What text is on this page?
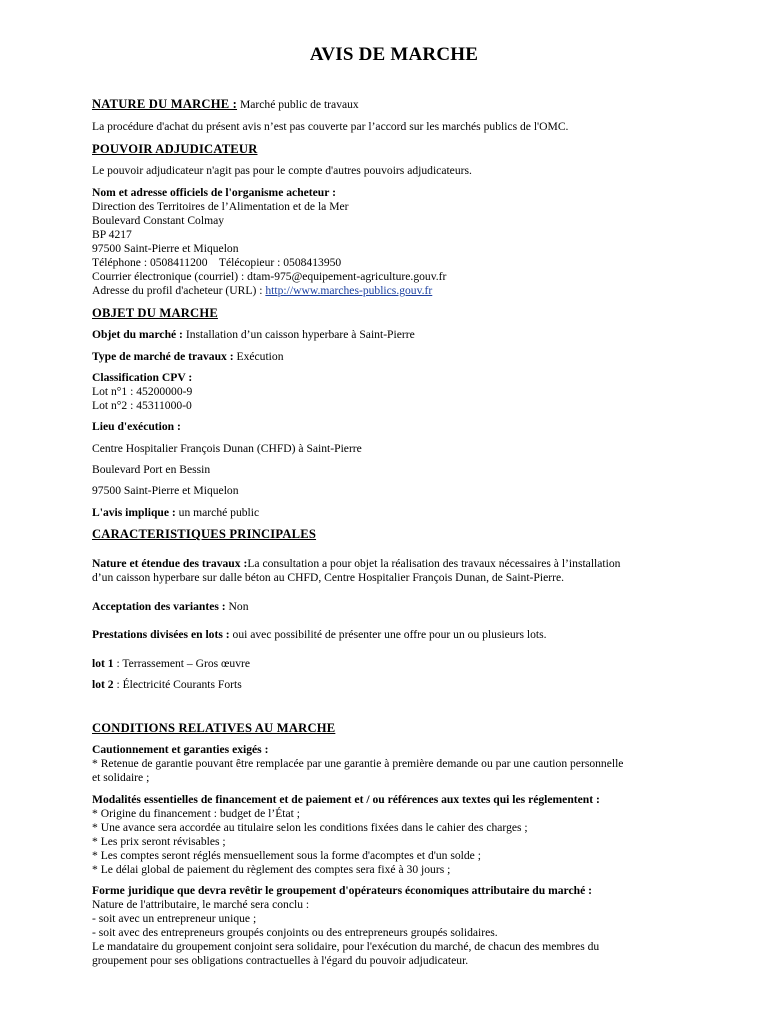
AVIS DE MARCHE
NATURE DU MARCHE : Marché public de travaux
La procédure d'achat du présent avis n’est pas couverte par l’accord sur les marchés publics de l'OMC.
POUVOIR ADJUDICATEUR
Le pouvoir adjudicateur n'agit pas pour le compte d'autres pouvoirs adjudicateurs.
Nom et adresse officiels de l'organisme acheteur :
Direction des Territoires de l’Alimentation et de la Mer
Boulevard Constant Colmay
BP 4217
97500 Saint-Pierre et Miquelon
Téléphone : 0508411200    Télécopieur : 0508413950
Courrier électronique (courriel) : dtam-975@equipement-agriculture.gouv.fr
Adresse du profil d'acheteur (URL) : http://www.marches-publics.gouv.fr
OBJET DU MARCHE
Objet du marché : Installation d’un caisson hyperbare à Saint-Pierre
Type de marché de travaux : Exécution
Classification CPV :
Lot n°1 : 45200000-9
Lot n°2 : 45311000-0
Lieu d'exécution :
Centre Hospitalier François Dunan (CHFD) à Saint-Pierre
Boulevard Port en Bessin
97500 Saint-Pierre et Miquelon
L'avis implique : un marché public
CARACTERISTIQUES PRINCIPALES
Nature et étendue des travaux :La consultation a pour objet la réalisation des travaux nécessaires à l’installation
d’un caisson hyperbare sur dalle béton au CHFD, Centre Hospitalier François Dunan, de Saint-Pierre.
Acceptation des variantes : Non
Prestations divisées en lots : oui avec possibilité de présenter une offre pour un ou plusieurs lots.
lot 1 : Terrassement – Gros œuvre
lot 2 : Électricité Courants Forts
CONDITIONS RELATIVES AU MARCHE
Cautionnement et garanties exigés :
* Retenue de garantie pouvant être remplacée par une garantie à première demande ou par une caution personnelle
et solidaire ;
Modalités essentielles de financement et de paiement et / ou références aux textes qui les réglementent :
* Origine du financement : budget de l’État ;
* Une avance sera accordée au titulaire selon les conditions fixées dans le cahier des charges ;
* Les prix seront révisables ;
* Les comptes seront réglés mensuellement sous la forme d'acomptes et d'un solde ;
* Le délai global de paiement du règlement des comptes sera fixé à 30 jours ;
Forme juridique que devra revêtir le groupement d'opérateurs économiques attributaire du marché :
Nature de l'attributaire, le marché sera conclu :
- soit avec un entrepreneur unique ;
- soit avec des entrepreneurs groupés conjoints ou des entrepreneurs groupés solidaires.
Le mandataire du groupement conjoint sera solidaire, pour l'exécution du marché, de chacun des membres du
groupement pour ses obligations contractuelles à l'égard du pouvoir adjudicateur.
